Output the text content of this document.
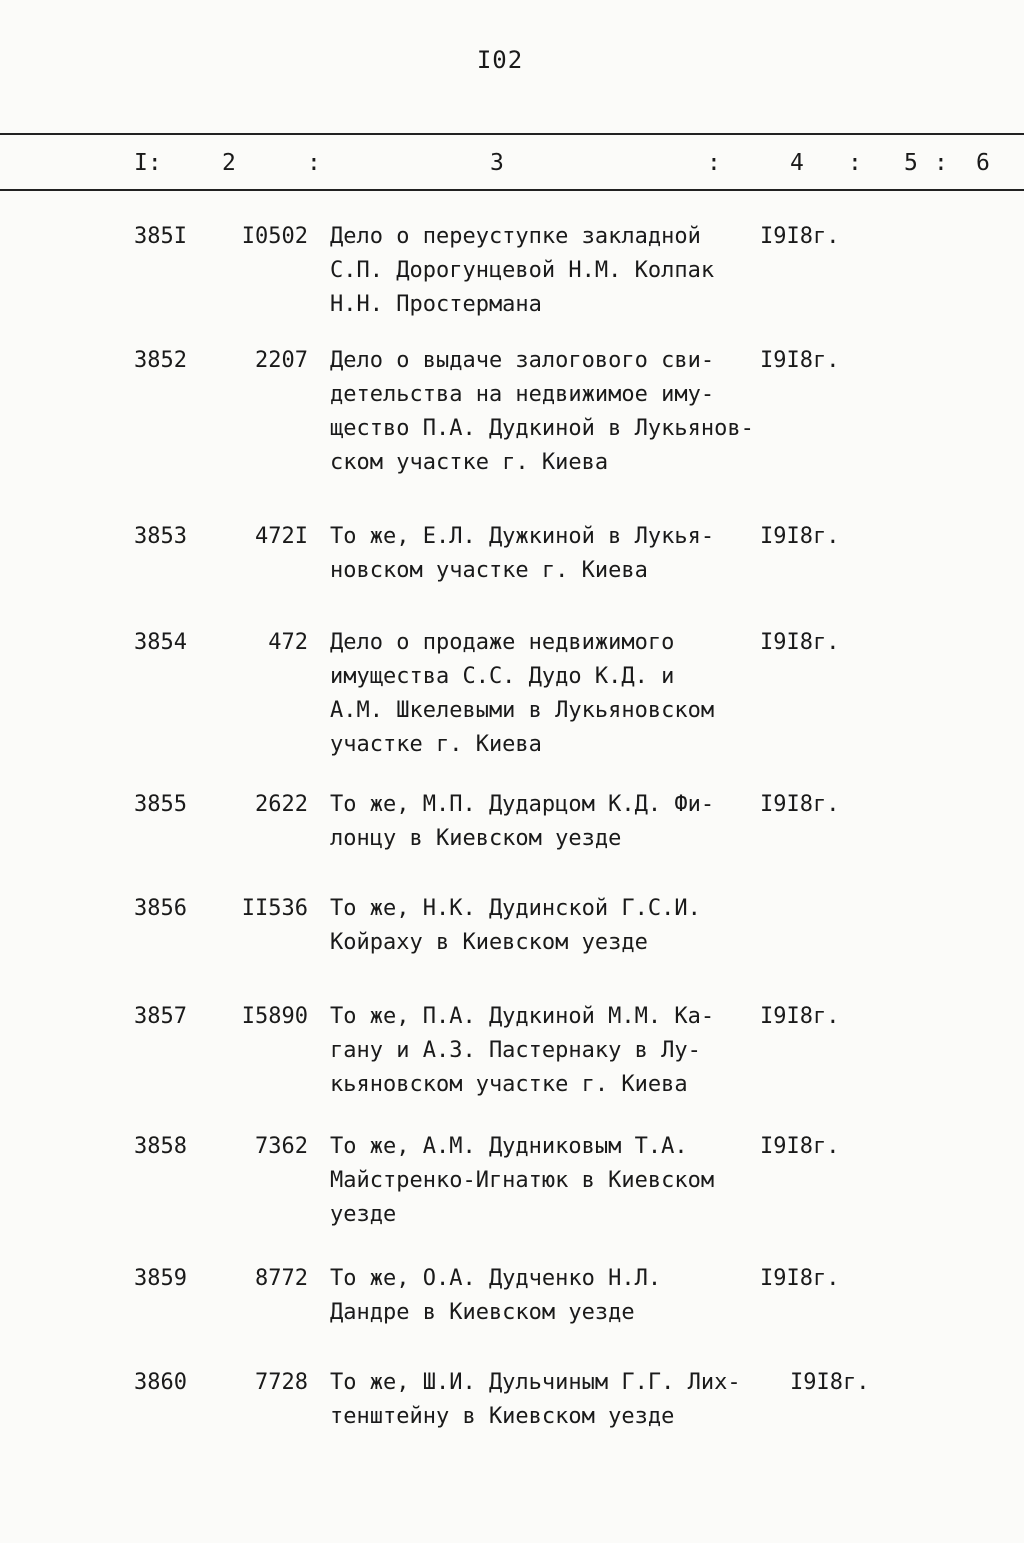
I02
I:	2	:	3	:	4 : 5 : 6
385I	I0502 Дело о переуступке закладной
С.П. Дорогунцевой Н.М. Колпак
Н.Н. Простермана
I9I8г.
3852	2207 Дело о выдаче залогового сви-
детельства на недвижимое иму-
щество П.А. Дудкиной в Лукьянов-
ском участке г. Киева
I9I8г.
3853	472I То же, Е.Л. Дужкиной в Лукья-
новском участке г. Киева
I9I8г.
3854	472 Дело о продаже недвижимого
имущества С.С. Дудо К.Д. и
А.М. Шкелевыми в Лукьяновском
участке г. Киева
I9I8г.
3855	2622 То же, М.П. Дударцом К.Д. Фи-
лонцу в Киевском уезде
I9I8г.
3856	II536 То же, Н.К. Дудинской Г.С.И.
Койраху в Киевском уезде
3857	I5890 То же, П.А. Дудкиной М.М. Ка-
гану и А.З. Пастернаку в Лу-
кьяновском участке г. Киева
I9I8г.
3858	7362 То же, А.М. Дудниковым Т.А.
Майстренко-Игнатюк в Киевском
уезде
I9I8г.
3859	8772 То же, О.А. Дудченко Н.Л.
Дандре в Киевском уезде
I9I8г.
3860	7728 То же, Ш.И. Дульчиным Г.Г. Лих-
тенштейну в Киевском уезде
I9I8г.
